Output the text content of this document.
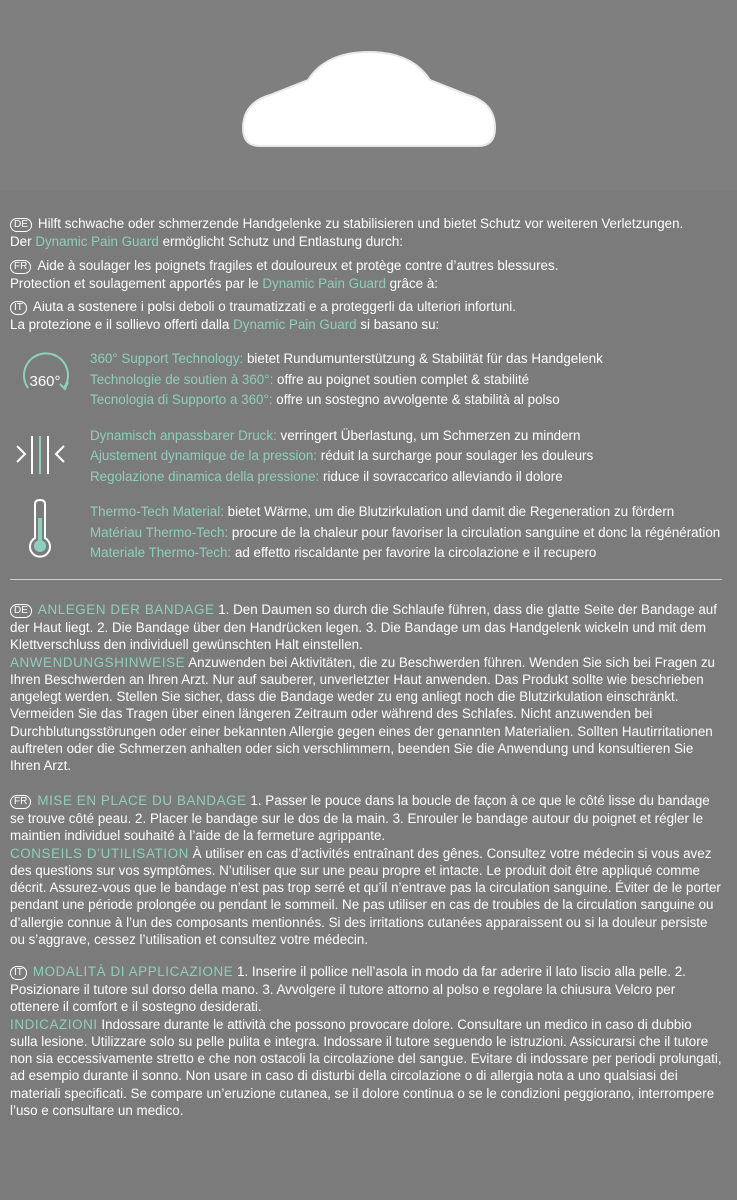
DE Hilft schwache oder schmerzende Handgelenke zu stabilisieren und bietet Schutz vor weiteren Verletzungen.
Der Dynamic Pain Guard ermöglicht Schutz und Entlastung durch:
FR Aide à soulager les poignets fragiles et douloureux et protège contre d’autres blessures.
Protection et soulagement apportés par le Dynamic Pain Guard grâce à:
IT Aiuta a sostenere i polsi deboli o traumatizzati e a proteggerli da ulteriori infortuni.
La protezione e il sollievo offerti dalla Dynamic Pain Guard si basano su:
360°
360° Support Technology: bietet Rundumunterstützung & Stabilität für das Handgelenk
Technologie de soutien à 360°: offre au poignet soutien complet & stabilité
Tecnologia di Supporto a 360°: offre un sostegno avvolgente & stabilità al polso
Dynamisch anpassbarer Druck: verringert Überlastung, um Schmerzen zu mindern
Ajustement dynamique de la pression: réduit la surcharge pour soulager les douleurs
Regolazione dinamica della pressione: riduce il sovraccarico alleviando il dolore
Thermo-Tech Material: bietet Wärme, um die Blutzirkulation und damit die Regeneration zu fördern
Matériau Thermo-Tech: procure de la chaleur pour favoriser la circulation sanguine et donc la régénération
Materiale Thermo-Tech: ad effetto riscaldante per favorire la circolazione e il recupero

DE ANLEGEN DER BANDAGE 1. Den Daumen so durch die Schlaufe führen, dass die glatte Seite der Bandage auf der Haut liegt. 2. Die Bandage über den Handrücken legen. 3. Die Bandage um das Handgelenk wickeln und mit dem Klettverschluss den individuell gewünschten Halt einstellen.
ANWENDUNGSHINWEISE Anzuwenden bei Aktivitäten, die zu Beschwerden führen. Wenden Sie sich bei Fragen zu Ihren Beschwerden an Ihren Arzt. Nur auf sauberer, unverletzter Haut anwenden. Das Produkt sollte wie beschrieben angelegt werden. Stellen Sie sicher, dass die Bandage weder zu eng anliegt noch die Blutzirkulation einschränkt. Vermeiden Sie das Tragen über einen längeren Zeitraum oder während des Schlafes. Nicht anzuwenden bei Durchblutungsstörungen oder einer bekannten Allergie gegen eines der genannten Materialien. Sollten Hautirritationen auftreten oder die Schmerzen anhalten oder sich verschlimmern, beenden Sie die Anwendung und konsultieren Sie Ihren Arzt.

FR MISE EN PLACE DU BANDAGE 1. Passer le pouce dans la boucle de façon à ce que le côté lisse du bandage se trouve côté peau. 2. Placer le bandage sur le dos de la main. 3. Enrouler le bandage autour du poignet et régler le maintien individuel souhaité à l’aide de la fermeture agrippante.
CONSEILS D’UTILISATION À utiliser en cas d’activités entraînant des gênes. Consultez votre médecin si vous avez des questions sur vos symptômes. N’utiliser que sur une peau propre et intacte. Le produit doit être appliqué comme décrit. Assurez-vous que le bandage n’est pas trop serré et qu’il n’entrave pas la circulation sanguine. Éviter de le porter pendant une période prolongée ou pendant le sommeil. Ne pas utiliser en cas de troubles de la circulation sanguine ou d’allergie connue à l’un des composants mentionnés. Si des irritations cutanées apparaissent ou si la douleur persiste ou s’aggrave, cessez l’utilisation et consultez votre médecin.

IT MODALITÀ DI APPLICAZIONE 1. Inserire il pollice nell’asola in modo da far aderire il lato liscio alla pelle. 2. Posizionare il tutore sul dorso della mano. 3. Avvolgere il tutore attorno al polso e regolare la chiusura Velcro per ottenere il comfort e il sostegno desiderati.
INDICAZIONI Indossare durante le attività che possono provocare dolore. Consultare un medico in caso di dubbio sulla lesione. Utilizzare solo su pelle pulita e integra. Indossare il tutore seguendo le istruzioni. Assicurarsi che il tutore non sia eccessivamente stretto e che non ostacoli la circolazione del sangue. Evitare di indossare per periodi prolungati, ad esempio durante il sonno. Non usare in caso di disturbi della circolazione o di allergia nota a uno qualsiasi dei materiali specificati. Se compare un’eruzione cutanea, se il dolore continua o se le condizioni peggiorano, interrompere l’uso e consultare un medico.
